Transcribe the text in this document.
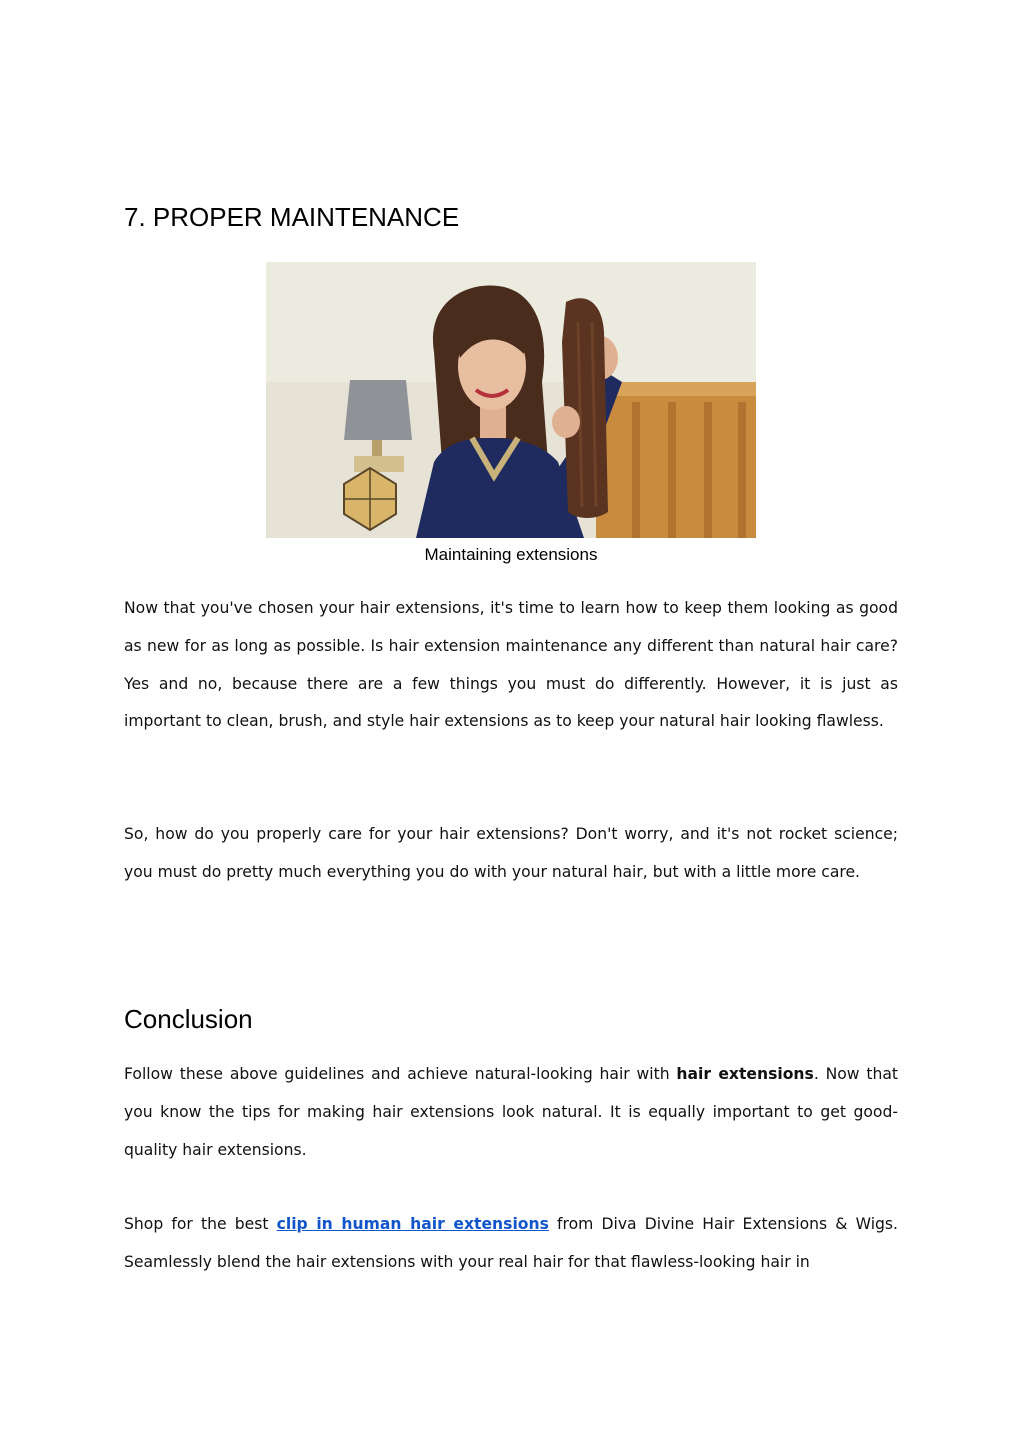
7. PROPER MAINTENANCE
Maintaining extensions

Now that you've chosen your hair extensions, it's time to learn how to keep them looking as good as new for as long as possible. Is hair extension maintenance any different than natural hair care? Yes and no, because there are a few things you must do differently. However, it is just as important to clean, brush, and style hair extensions as to keep your natural hair looking flawless.

So, how do you properly care for your hair extensions? Don't worry, and it's not rocket science; you must do pretty much everything you do with your natural hair, but with a little more care.

Conclusion

Follow these above guidelines and achieve natural-looking hair with hair extensions. Now that you know the tips for making hair extensions look natural. It is equally important to get good-quality hair extensions.

Shop for the best clip in human hair extensions from Diva Divine Hair Extensions & Wigs. Seamlessly blend the hair extensions with your real hair for that flawless-looking hair in
